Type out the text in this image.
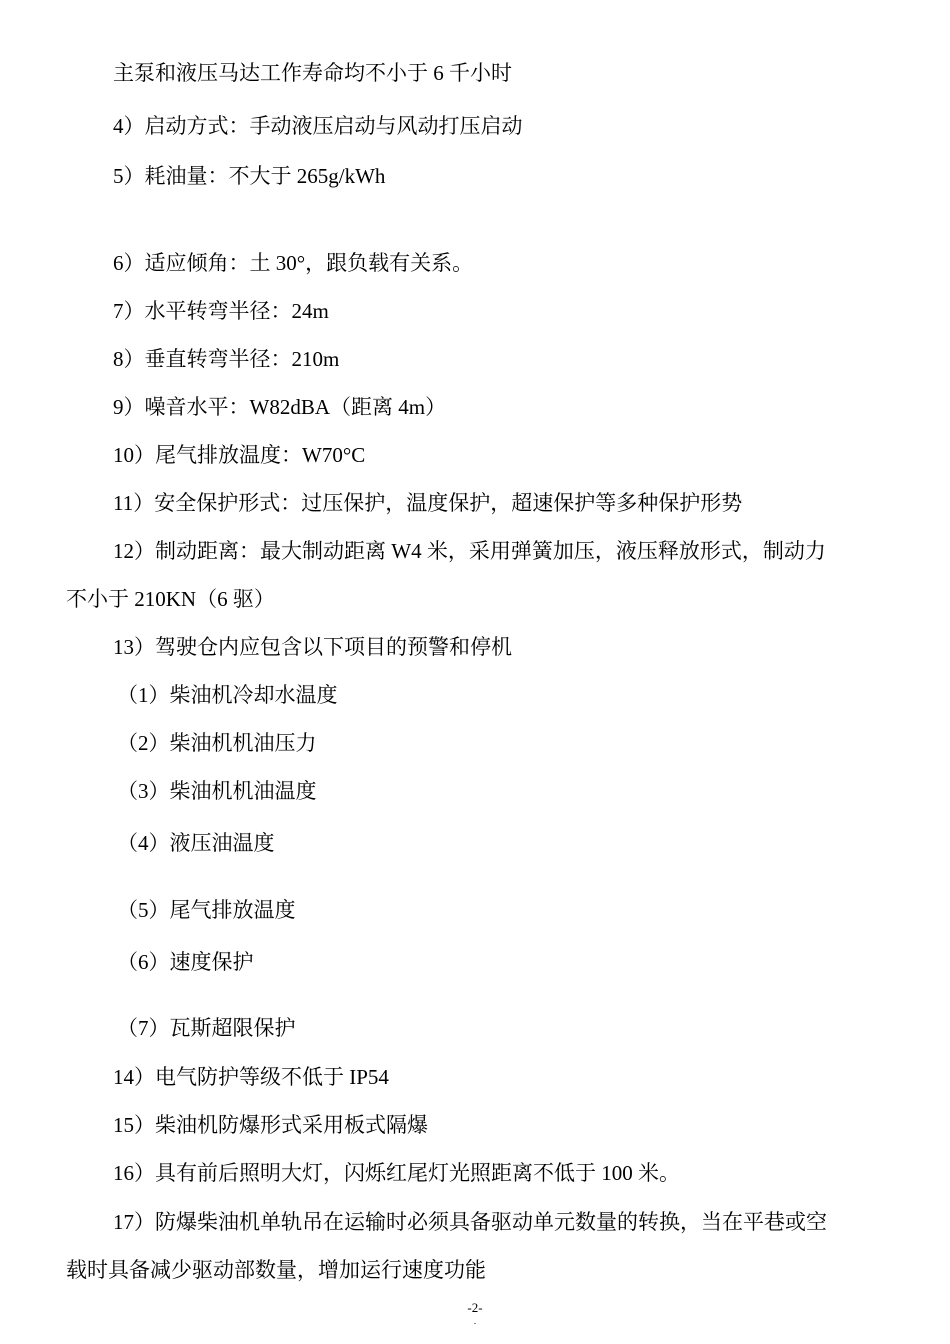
主泵和液压马达工作寿命均不小于 6 千小时
4）启动方式：手动液压启动与风动打压启动
5）耗油量：不大于 265g/kWh
6）适应倾角：土 30°，跟负载有关系。
7）水平转弯半径：24m
8）垂直转弯半径：210m
9）噪音水平：W82dBA（距离 4m）
10）尾气排放温度：W70°C
11）安全保护形式：过压保护，温度保护，超速保护等多种保护形势
12）制动距离：最大制动距离 W4 米，采用弹簧加压，液压释放形式，制动力
不小于 210KN（6 驱）
13）驾驶仓内应包含以下项目的预警和停机
（1）柴油机冷却水温度
（2）柴油机机油压力
（3）柴油机机油温度
（4）液压油温度
（5）尾气排放温度
（6）速度保护
（7）瓦斯超限保护
14）电气防护等级不低于 IP54
15）柴油机防爆形式采用板式隔爆
16）具有前后照明大灯，闪烁红尾灯光照距离不低于 100 米。
17）防爆柴油机单轨吊在运输时必须具备驱动单元数量的转换，当在平巷或空
载时具备减少驱动部数量，增加运行速度功能
-2-
.
